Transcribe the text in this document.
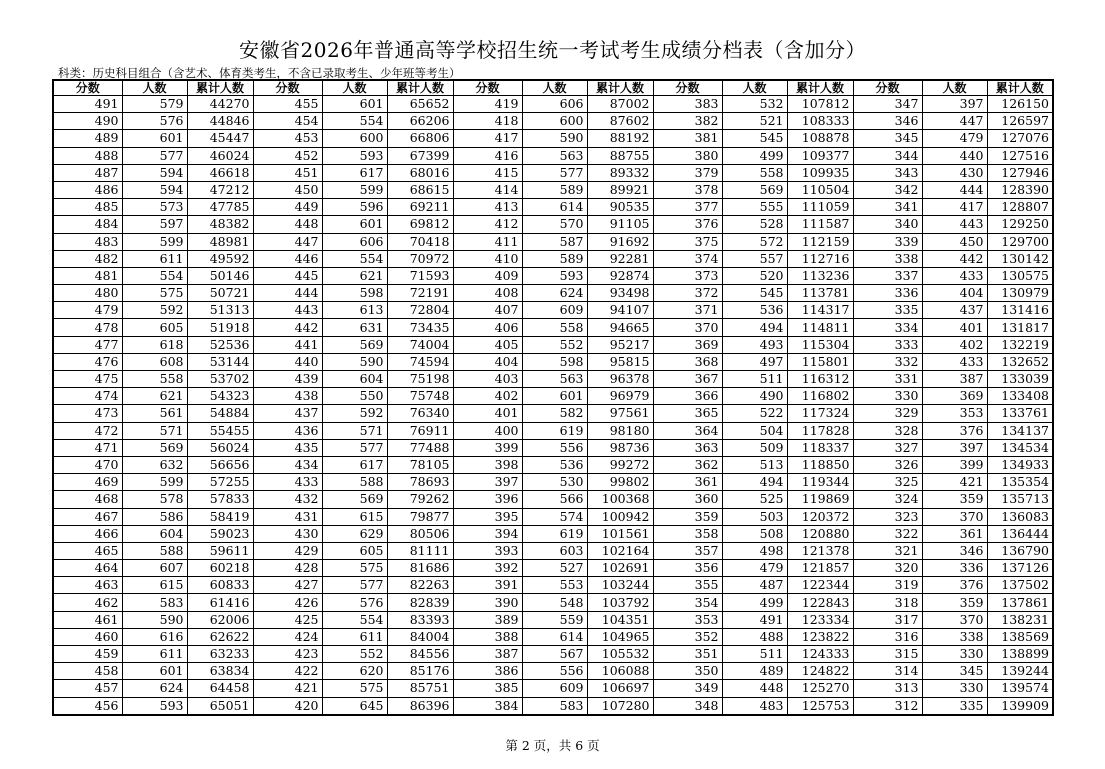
安徽省2026年普通高等学校招生统一考试考生成绩分档表（含加分）
科类：历史科目组合（含艺术、体育类考生，不含已录取考生、少年班等考生）
分数	人数	累计人数	分数	人数	累计人数	分数	人数	累计人数	分数	人数	累计人数	分数	人数	累计人数
491	579	44270	455	601	65652	419	606	87002	383	532	107812	347	397	126150
490	576	44846	454	554	66206	418	600	87602	382	521	108333	346	447	126597
489	601	45447	453	600	66806	417	590	88192	381	545	108878	345	479	127076
488	577	46024	452	593	67399	416	563	88755	380	499	109377	344	440	127516
487	594	46618	451	617	68016	415	577	89332	379	558	109935	343	430	127946
486	594	47212	450	599	68615	414	589	89921	378	569	110504	342	444	128390
485	573	47785	449	596	69211	413	614	90535	377	555	111059	341	417	128807
484	597	48382	448	601	69812	412	570	91105	376	528	111587	340	443	129250
483	599	48981	447	606	70418	411	587	91692	375	572	112159	339	450	129700
482	611	49592	446	554	70972	410	589	92281	374	557	112716	338	442	130142
481	554	50146	445	621	71593	409	593	92874	373	520	113236	337	433	130575
480	575	50721	444	598	72191	408	624	93498	372	545	113781	336	404	130979
479	592	51313	443	613	72804	407	609	94107	371	536	114317	335	437	131416
478	605	51918	442	631	73435	406	558	94665	370	494	114811	334	401	131817
477	618	52536	441	569	74004	405	552	95217	369	493	115304	333	402	132219
476	608	53144	440	590	74594	404	598	95815	368	497	115801	332	433	132652
475	558	53702	439	604	75198	403	563	96378	367	511	116312	331	387	133039
474	621	54323	438	550	75748	402	601	96979	366	490	116802	330	369	133408
473	561	54884	437	592	76340	401	582	97561	365	522	117324	329	353	133761
472	571	55455	436	571	76911	400	619	98180	364	504	117828	328	376	134137
471	569	56024	435	577	77488	399	556	98736	363	509	118337	327	397	134534
470	632	56656	434	617	78105	398	536	99272	362	513	118850	326	399	134933
469	599	57255	433	588	78693	397	530	99802	361	494	119344	325	421	135354
468	578	57833	432	569	79262	396	566	100368	360	525	119869	324	359	135713
467	586	58419	431	615	79877	395	574	100942	359	503	120372	323	370	136083
466	604	59023	430	629	80506	394	619	101561	358	508	120880	322	361	136444
465	588	59611	429	605	81111	393	603	102164	357	498	121378	321	346	136790
464	607	60218	428	575	81686	392	527	102691	356	479	121857	320	336	137126
463	615	60833	427	577	82263	391	553	103244	355	487	122344	319	376	137502
462	583	61416	426	576	82839	390	548	103792	354	499	122843	318	359	137861
461	590	62006	425	554	83393	389	559	104351	353	491	123334	317	370	138231
460	616	62622	424	611	84004	388	614	104965	352	488	123822	316	338	138569
459	611	63233	423	552	84556	387	567	105532	351	511	124333	315	330	138899
458	601	63834	422	620	85176	386	556	106088	350	489	124822	314	345	139244
457	624	64458	421	575	85751	385	609	106697	349	448	125270	313	330	139574
456	593	65051	420	645	86396	384	583	107280	348	483	125753	312	335	139909
第 2 页，共 6 页
